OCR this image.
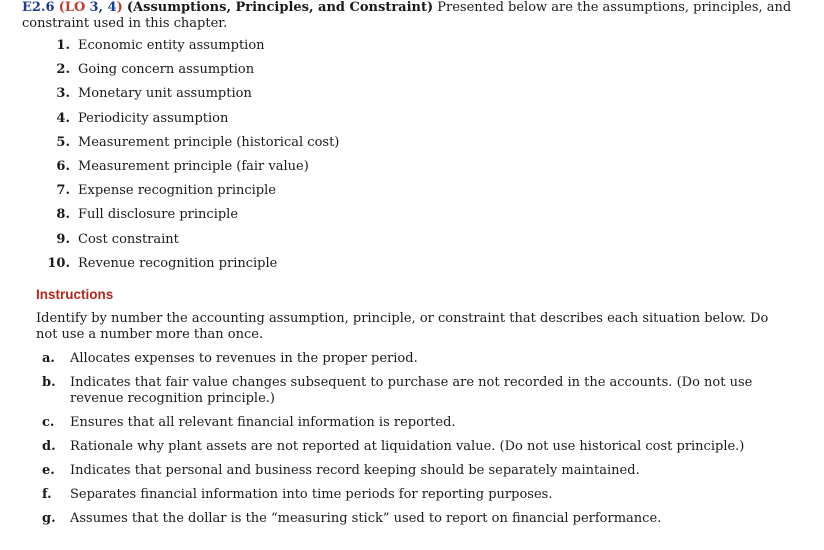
E2.6 (LO 3, 4) (Assumptions, Principles, and Constraint) Presented below are the assumptions, principles, and constraint used in this chapter.
1. Economic entity assumption
2. Going concern assumption
3. Monetary unit assumption
4. Periodicity assumption
5. Measurement principle (historical cost)
6. Measurement principle (fair value)
7. Expense recognition principle
8. Full disclosure principle
9. Cost constraint
10. Revenue recognition principle
Instructions
Identify by number the accounting assumption, principle, or constraint that describes each situation below. Do not use a number more than once.
a.	Allocates expenses to revenues in the proper period.
b.	Indicates that fair value changes subsequent to purchase are not recorded in the accounts. (Do not use revenue recognition principle.)
c.	Ensures that all relevant financial information is reported.
d.	Rationale why plant assets are not reported at liquidation value. (Do not use historical cost principle.)
e.	Indicates that personal and business record keeping should be separately maintained.
f.	Separates financial information into time periods for reporting purposes.
g.	Assumes that the dollar is the “measuring stick” used to report on financial performance.
